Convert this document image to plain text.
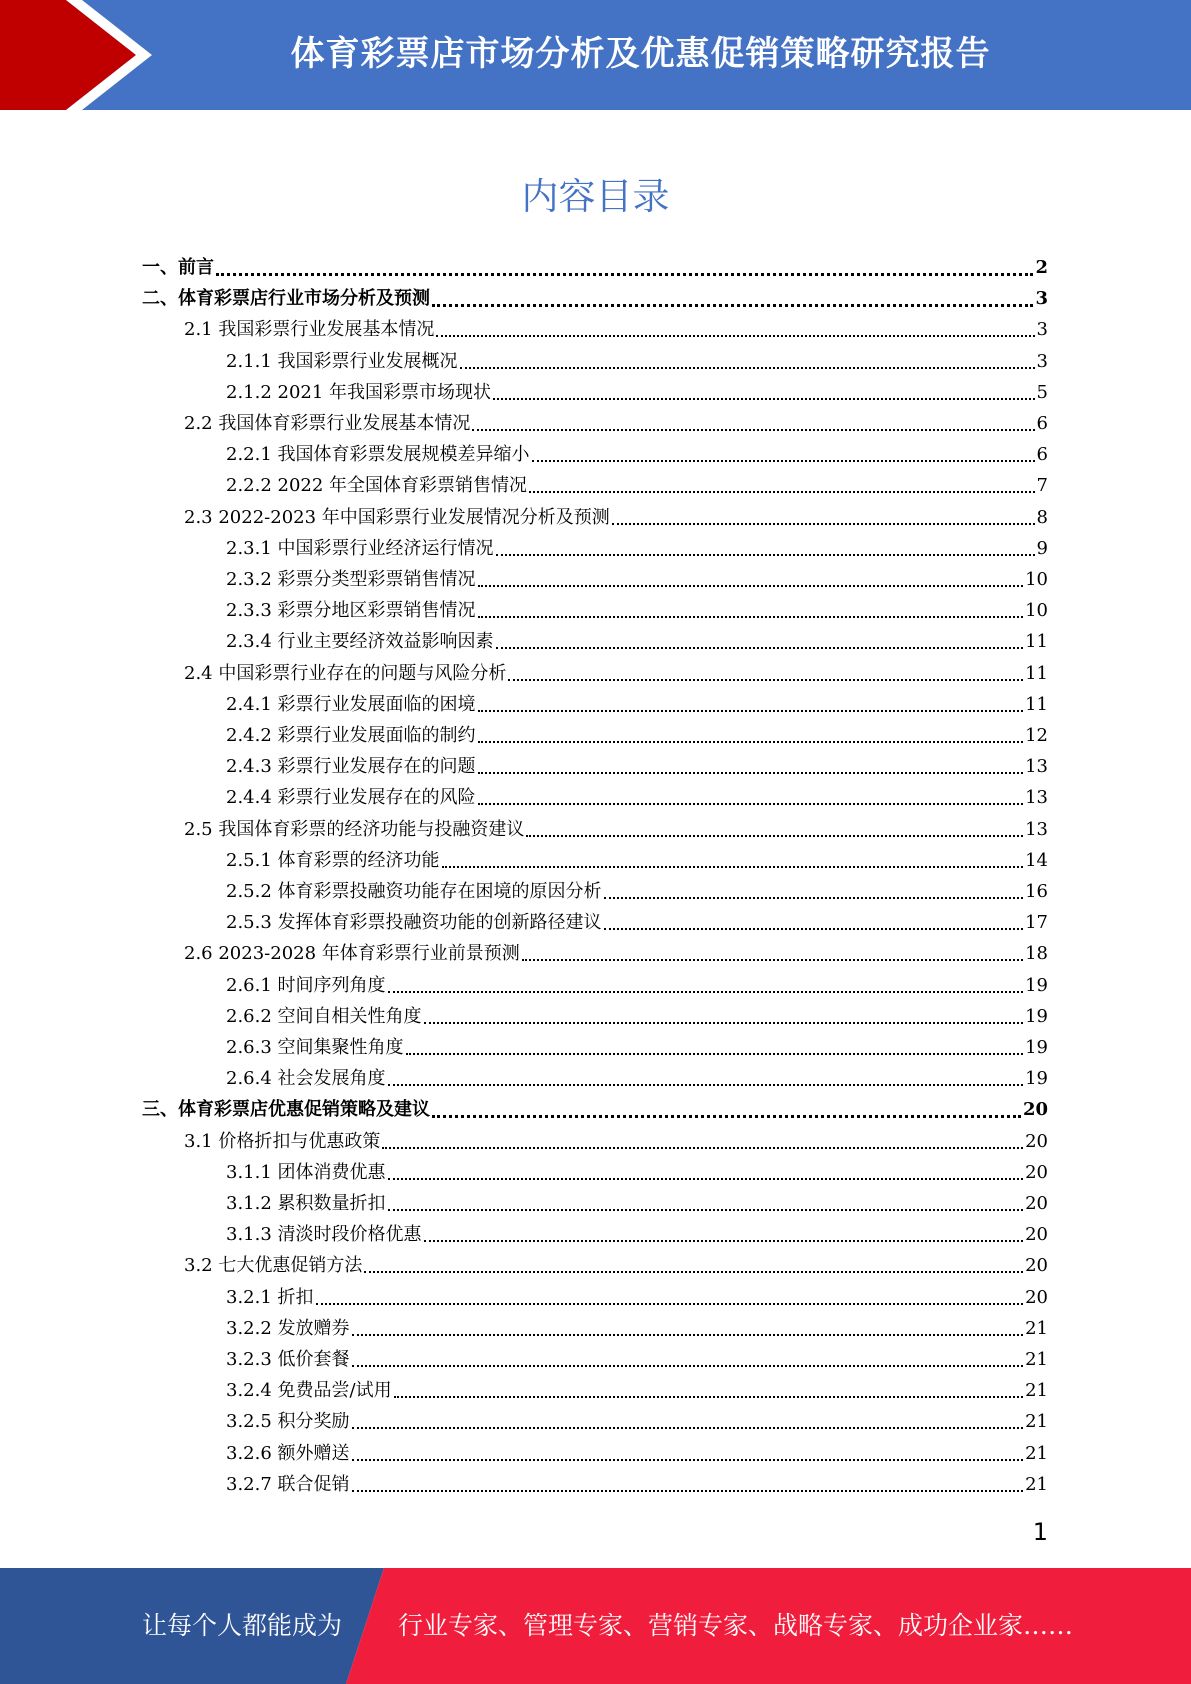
体育彩票店市场分析及优惠促销策略研究报告
内容目录
一、前言	2
二、体育彩票店行业市场分析及预测	3
2.1 我国彩票行业发展基本情况	3
2.1.1 我国彩票行业发展概况	3
2.1.2 2021 年我国彩票市场现状	5
2.2 我国体育彩票行业发展基本情况	6
2.2.1 我国体育彩票发展规模差异缩小	6
2.2.2 2022 年全国体育彩票销售情况	7
2.3 2022-2023 年中国彩票行业发展情况分析及预测	8
2.3.1 中国彩票行业经济运行情况	9
2.3.2 彩票分类型彩票销售情况	10
2.3.3 彩票分地区彩票销售情况	10
2.3.4 行业主要经济效益影响因素	11
2.4 中国彩票行业存在的问题与风险分析	11
2.4.1 彩票行业发展面临的困境	11
2.4.2 彩票行业发展面临的制约	12
2.4.3 彩票行业发展存在的问题	13
2.4.4 彩票行业发展存在的风险	13
2.5 我国体育彩票的经济功能与投融资建议	13
2.5.1 体育彩票的经济功能	14
2.5.2 体育彩票投融资功能存在困境的原因分析	16
2.5.3 发挥体育彩票投融资功能的创新路径建议	17
2.6 2023-2028 年体育彩票行业前景预测	18
2.6.1 时间序列角度	19
2.6.2 空间自相关性角度	19
2.6.3 空间集聚性角度	19
2.6.4 社会发展角度	19
三、体育彩票店优惠促销策略及建议	20
3.1 价格折扣与优惠政策	20
3.1.1 团体消费优惠	20
3.1.2 累积数量折扣	20
3.1.3 清淡时段价格优惠	20
3.2 七大优惠促销方法	20
3.2.1 折扣	20
3.2.2 发放赠券	21
3.2.3 低价套餐	21
3.2.4 免费品尝/试用	21
3.2.5 积分奖励	21
3.2.6 额外赠送	21
3.2.7 联合促销	21
1
让每个人都能成为 行业专家、管理专家、营销专家、战略专家、成功企业家……
